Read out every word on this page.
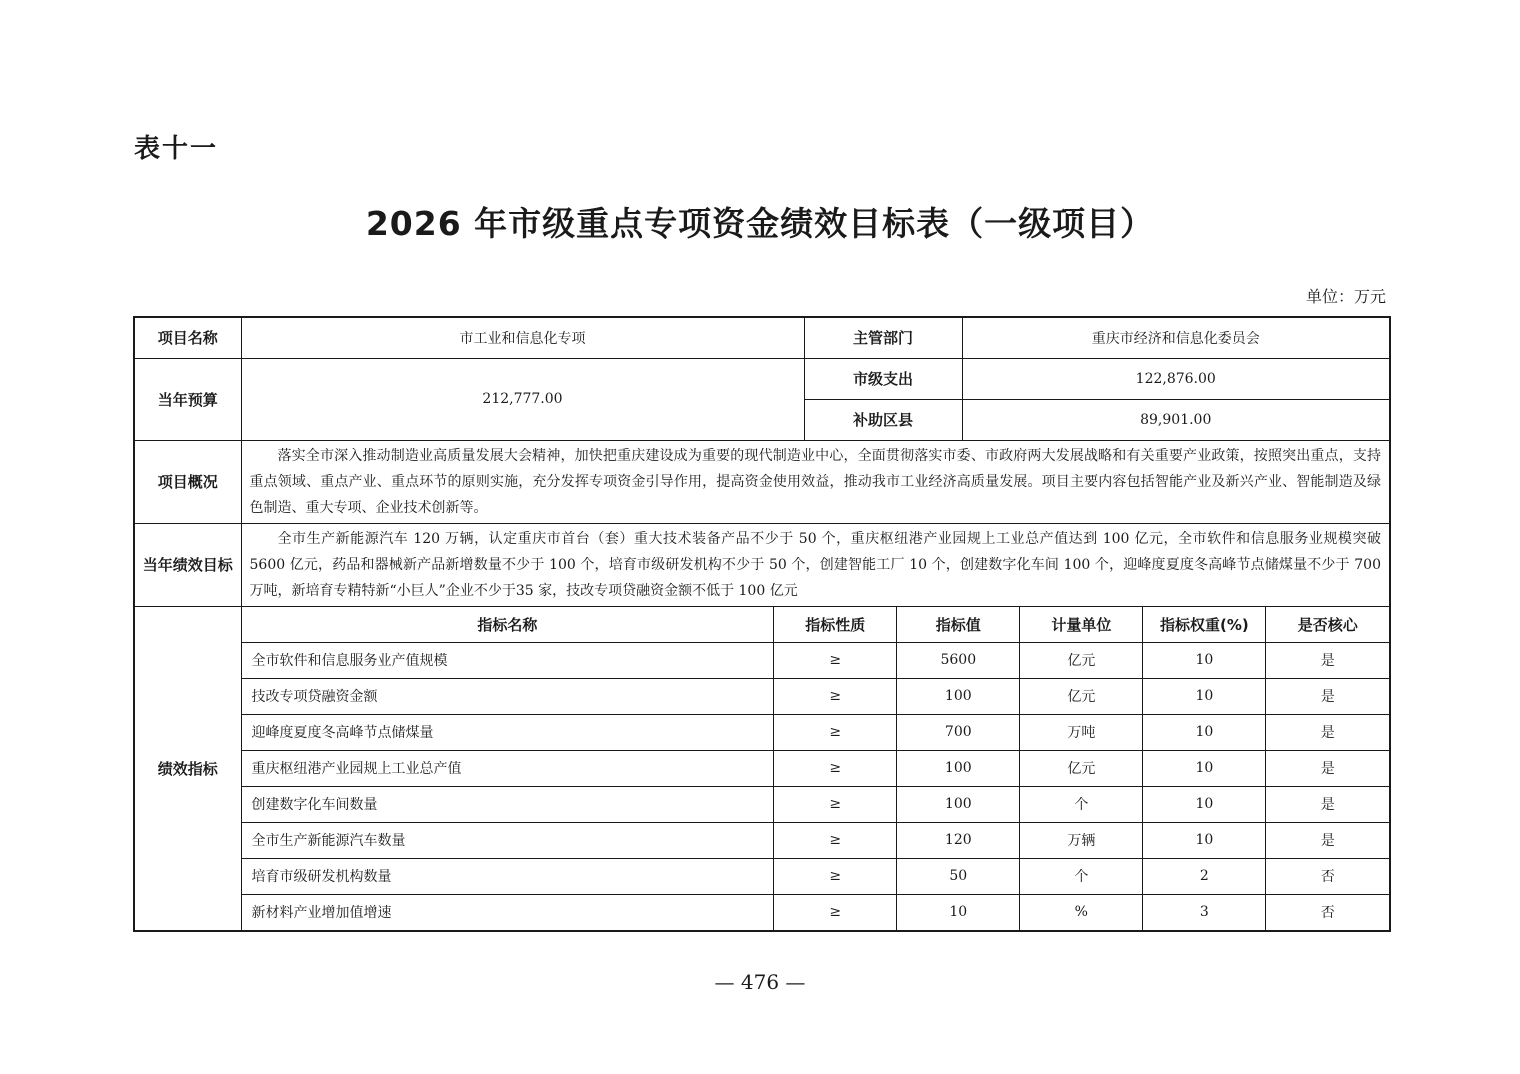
表十一
2026 年市级重点专项资金绩效目标表（一级项目）
单位：万元
项目名称	市工业和信息化专项	主管部门	重庆市经济和信息化委员会
当年预算	212,777.00	市级支出	122,876.00
补助区县	89,901.00
项目概况	落实全市深入推动制造业高质量发展大会精神，加快把重庆建设成为重要的现代制造业中心，全面贯彻落实市委、市政府两大发展战略和有关重要产业政策，按照突出重点，支持重点领域、重点产业、重点环节的原则实施，充分发挥专项资金引导作用，提高资金使用效益，推动我市工业经济高质量发展。项目主要内容包括智能产业及新兴产业、智能制造及绿色制造、重大专项、企业技术创新等。
当年绩效目标	全市生产新能源汽车 120 万辆，认定重庆市首台（套）重大技术装备产品不少于 50 个，重庆枢纽港产业园规上工业总产值达到 100 亿元，全市软件和信息服务业规模突破 5600 亿元，药品和器械新产品新增数量不少于 100 个，培育市级研发机构不少于 50 个，创建智能工厂 10 个，创建数字化车间 100 个，迎峰度夏度冬高峰节点储煤量不少于 700 万吨，新培育专精特新“小巨人”企业不少于35 家，技改专项贷融资金额不低于 100 亿元
绩效指标	
指标名称	指标性质	指标值	计量单位	指标权重(%)	是否核心
全市软件和信息服务业产值规模	≥	5600	亿元	10	是
技改专项贷融资金额	≥	100	亿元	10	是
迎峰度夏度冬高峰节点储煤量	≥	700	万吨	10	是
重庆枢纽港产业园规上工业总产值	≥	100	亿元	10	是
创建数字化车间数量	≥	100	个	10	是
全市生产新能源汽车数量	≥	120	万辆	10	是
培育市级研发机构数量	≥	50	个	2	否
新材料产业增加值增速	≥	10	%	3	否
— 476 —
